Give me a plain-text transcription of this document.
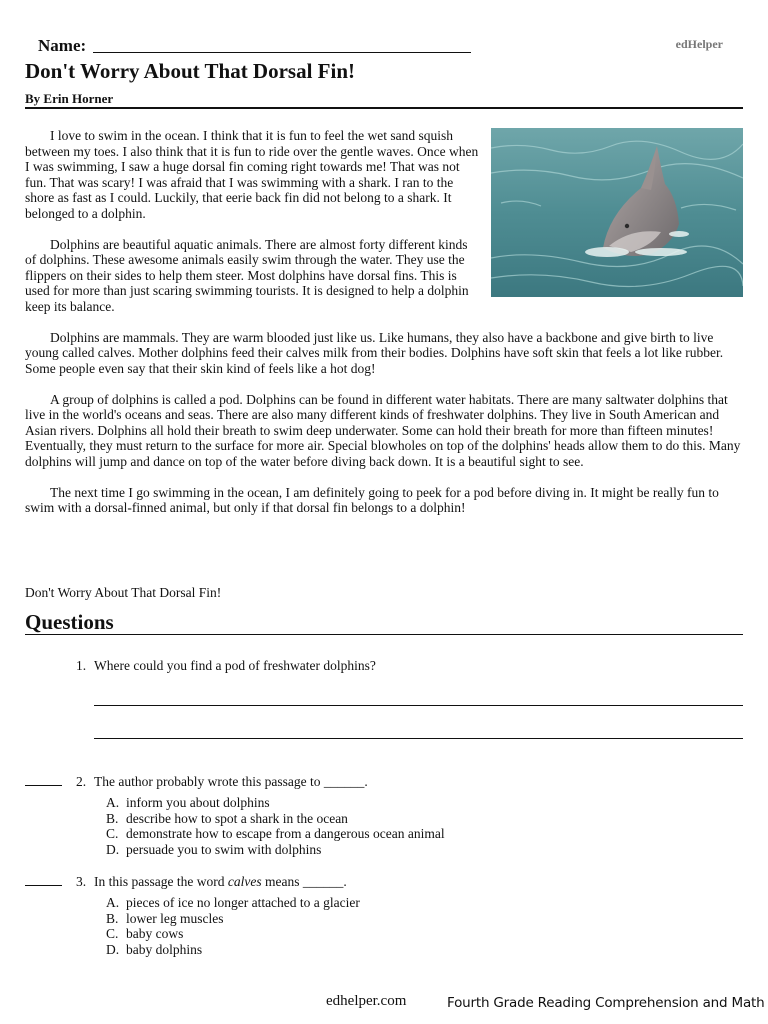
Name:	edHelper
Don't Worry About That Dorsal Fin!
By Erin Horner

I love to swim in the ocean. I think that it is fun to feel the wet sand squish between my toes. I also think that it is fun to ride over the gentle waves. Once when I was swimming, I saw a huge dorsal fin coming right towards me! That was not fun. That was scary! I was afraid that I was swimming with a shark. I ran to the shore as fast as I could. Luckily, that eerie back fin did not belong to a shark. It belonged to a dolphin.

Dolphins are beautiful aquatic animals. There are almost forty different kinds of dolphins. These awesome animals easily swim through the water. They use the flippers on their sides to help them steer. Most dolphins have dorsal fins. This is used for more than just scaring swimming tourists. It is designed to help a dolphin keep its balance.

Dolphins are mammals. They are warm blooded just like us. Like humans, they also have a backbone and give birth to live young called calves. Mother dolphins feed their calves milk from their bodies. Dolphins have soft skin that feels a lot like rubber. Some people even say that their skin kind of feels like a hot dog!

A group of dolphins is called a pod. Dolphins can be found in different water habitats. There are many saltwater dolphins that live in the world's oceans and seas. There are also many different kinds of freshwater dolphins. They live in South American and Asian rivers. Dolphins all hold their breath to swim deep underwater. Some can hold their breath for more than fifteen minutes! Eventually, they must return to the surface for more air. Special blowholes on top of the dolphins' heads allow them to do this. Many dolphins will jump and dance on top of the water before diving back down. It is a beautiful sight to see.

The next time I go swimming in the ocean, I am definitely going to peek for a pod before diving in. It might be really fun to swim with a dorsal-finned animal, but only if that dorsal fin belongs to a dolphin!

Don't Worry About That Dorsal Fin!
Questions
1. Where could you find a pod of freshwater dolphins?
2. The author probably wrote this passage to ______.
A. inform you about dolphins
B. describe how to spot a shark in the ocean
C. demonstrate how to escape from a dangerous ocean animal
D. persuade you to swim with dolphins
3. In this passage the word calves means ______.
A. pieces of ice no longer attached to a glacier
B. lower leg muscles
C. baby cows
D. baby dolphins
edhelper.com	Fourth Grade Reading Comprehension and Math
